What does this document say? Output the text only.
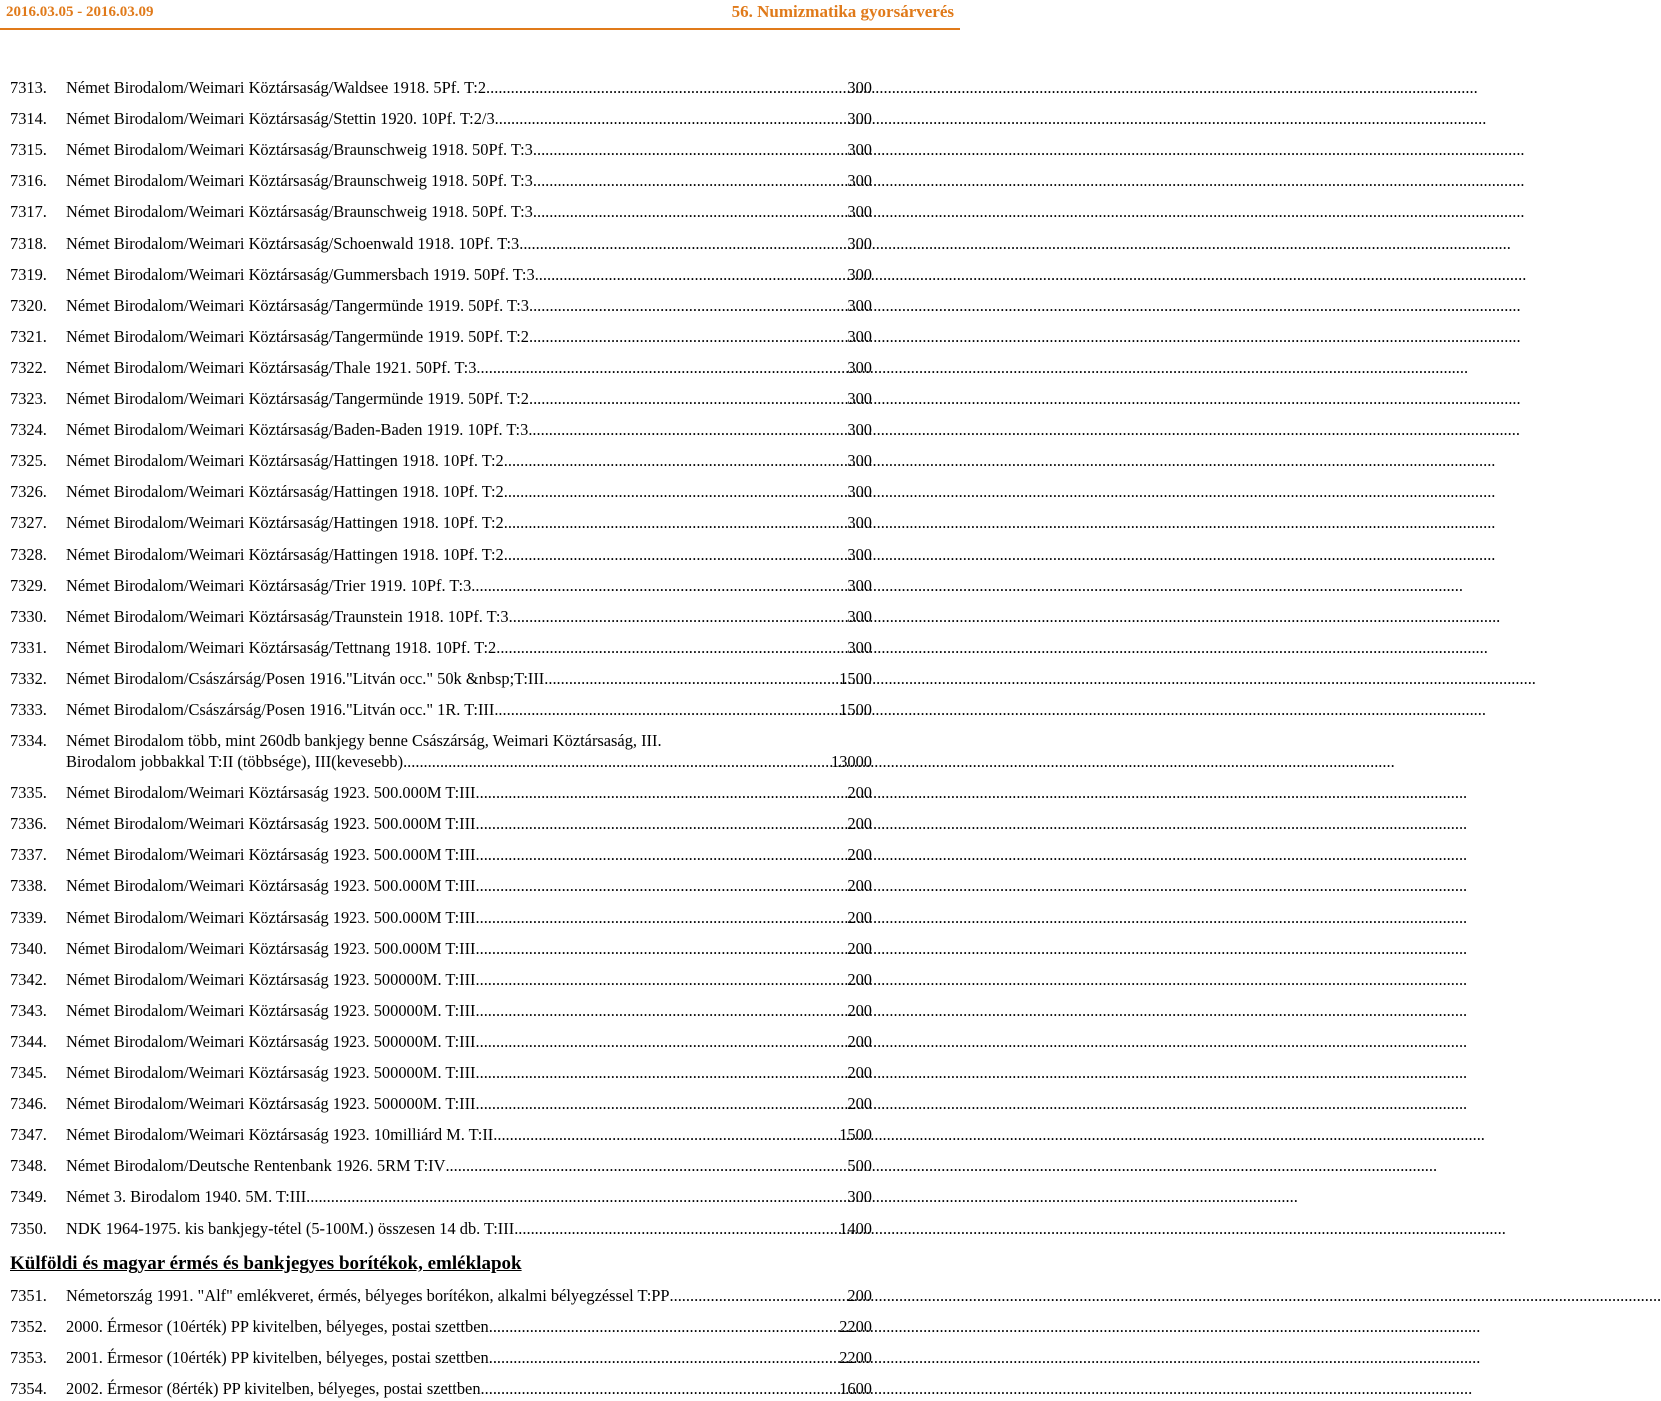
2016.03.05 - 2016.03.09	56. Numizmatika gyorsárverés
7313.	Német Birodalom/Weimari Köztársaság/Waldsee 1918. 5Pf. T:2 .....	300
7314.	Német Birodalom/Weimari Köztársaság/Stettin 1920. 10Pf. T:2/3 .....	300
7315.	Német Birodalom/Weimari Köztársaság/Braunschweig 1918. 50Pf. T:3 .....	300
7316.	Német Birodalom/Weimari Köztársaság/Braunschweig 1918. 50Pf. T:3 .....	300
7317.	Német Birodalom/Weimari Köztársaság/Braunschweig 1918. 50Pf. T:3 .....	300
7318.	Német Birodalom/Weimari Köztársaság/Schoenwald 1918. 10Pf. T:3 .....	300
7319.	Német Birodalom/Weimari Köztársaság/Gummersbach 1919. 50Pf. T:3 .....	300
7320.	Német Birodalom/Weimari Köztársaság/Tangermünde 1919. 50Pf. T:3 .....	300
7321.	Német Birodalom/Weimari Köztársaság/Tangermünde 1919. 50Pf. T:2 .....	300
7322.	Német Birodalom/Weimari Köztársaság/Thale 1921. 50Pf. T:3 .....	300
7323.	Német Birodalom/Weimari Köztársaság/Tangermünde 1919. 50Pf. T:2 .....	300
7324.	Német Birodalom/Weimari Köztársaság/Baden-Baden 1919. 10Pf. T:3 .....	300
7325.	Német Birodalom/Weimari Köztársaság/Hattingen 1918. 10Pf. T:2 .....	300
7326.	Német Birodalom/Weimari Köztársaság/Hattingen 1918. 10Pf. T:2 .....	300
7327.	Német Birodalom/Weimari Köztársaság/Hattingen 1918. 10Pf. T:2 .....	300
7328.	Német Birodalom/Weimari Köztársaság/Hattingen 1918. 10Pf. T:2 .....	300
7329.	Német Birodalom/Weimari Köztársaság/Trier 1919. 10Pf. T:3 .....	300
7330.	Német Birodalom/Weimari Köztársaság/Traunstein 1918. 10Pf. T:3 .....	300
7331.	Német Birodalom/Weimari Köztársaság/Tettnang 1918. 10Pf. T:2 .....	300
7332.	Német Birodalom/Császárság/Posen 1916."Litván occ." 50k &nbsp;T:III .....	1500
7333.	Német Birodalom/Császárság/Posen 1916."Litván occ." 1R. T:III .....	1500
7334.	Német Birodalom több, mint 260db bankjegy benne Császárság, Weimari Köztársaság, III.
Birodalom jobbakkal T:II (többsége), III(kevesebb) .....	13000
7335.	Német Birodalom/Weimari Köztársaság 1923. 500.000M T:III .....	200
7336.	Német Birodalom/Weimari Köztársaság 1923. 500.000M T:III .....	200
7337.	Német Birodalom/Weimari Köztársaság 1923. 500.000M T:III .....	200
7338.	Német Birodalom/Weimari Köztársaság 1923. 500.000M T:III .....	200
7339.	Német Birodalom/Weimari Köztársaság 1923. 500.000M T:III .....	200
7340.	Német Birodalom/Weimari Köztársaság 1923. 500.000M T:III .....	200
7342.	Német Birodalom/Weimari Köztársaság 1923. 500000M. T:III .....	200
7343.	Német Birodalom/Weimari Köztársaság 1923. 500000M. T:III .....	200
7344.	Német Birodalom/Weimari Köztársaság 1923. 500000M. T:III .....	200
7345.	Német Birodalom/Weimari Köztársaság 1923. 500000M. T:III .....	200
7346.	Német Birodalom/Weimari Köztársaság 1923. 500000M. T:III .....	200
7347.	Német Birodalom/Weimari Köztársaság 1923. 10milliárd M. T:II .....	1500
7348.	Német Birodalom/Deutsche Rentenbank 1926. 5RM T:IV .....	500
7349.	Német 3. Birodalom 1940. 5M. T:III .....	300
7350.	NDK 1964-1975. kis bankjegy-tétel (5-100M.) összesen 14 db. T:III .....	1400
Külföldi és magyar érmés és bankjegyes borítékok, emléklapok
7351.	Németország 1991. "Alf" emlékveret, érmés, bélyeges borítékon, alkalmi bélyegzéssel T:PP .....	200
7352.	2000. Érmesor (10érték) PP kivitelben, bélyeges, postai szettben .....	2200
7353.	2001. Érmesor (10érték) PP kivitelben, bélyeges, postai szettben .....	2200
7354.	2002. Érmesor (8érték) PP kivitelben, bélyeges, postai szettben .....	1600
